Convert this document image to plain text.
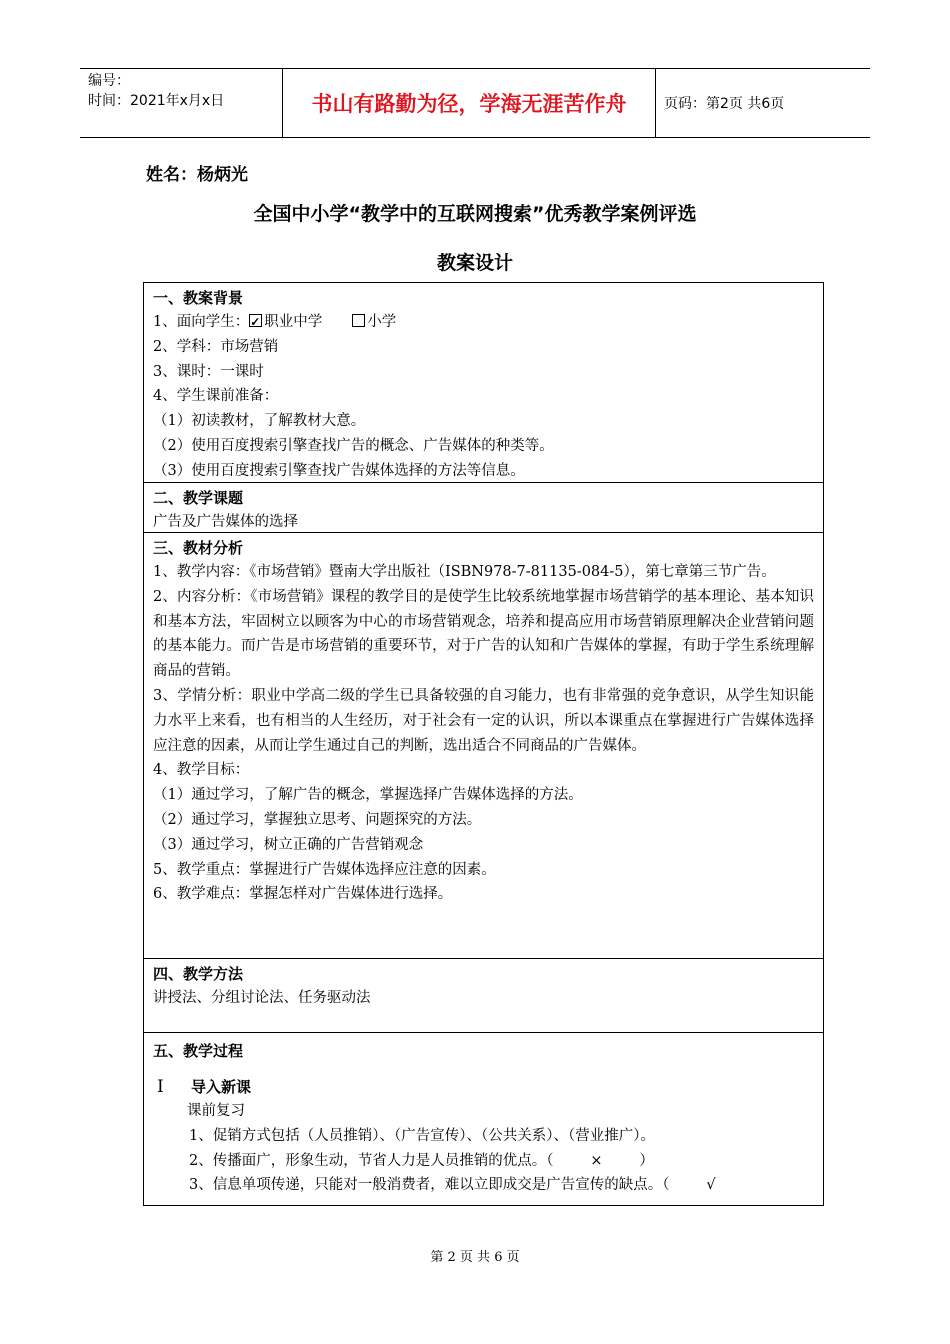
编号：
时间：2021年x月x日	书山有路勤为径，学海无涯苦作舟	页码：第2页 共6页
姓名：杨炳光
全国中小学“教学中的互联网搜索”优秀教学案例评选
教案设计
一、教案背景
1、面向学生：✓ 职业中学	小学
2、学科：市场营销
3、课时：一课时
4、学生课前准备：
（1）初读教材，了解教材大意。
（2）使用百度搜索引擎查找广告的概念、广告媒体的种类等。
（3）使用百度搜索引擎查找广告媒体选择的方法等信息。
二、教学课题
广告及广告媒体的选择
三、教材分析
1、教学内容：《市场营销》暨南大学出版社（ISBN978-7-81135-084-5），第七章第三节广告。
2、内容分析：《市场营销》课程的教学目的是使学生比较系统地掌握市场营销学的基本理论、基本知识和基本方法，牢固树立以顾客为中心的市场营销观念，培养和提高应用市场营销原理解决企业营销问题的基本能力。而广告是市场营销的重要环节，对于广告的认知和广告媒体的掌握，有助于学生系统理解商品的营销。
3、学情分析：职业中学高二级的学生已具备较强的自习能力，也有非常强的竞争意识，从学生知识能力水平上来看，也有相当的人生经历，对于社会有一定的认识，所以本课重点在掌握进行广告媒体选择应注意的因素，从而让学生通过自己的判断，选出适合不同商品的广告媒体。
4、教学目标：
（1）通过学习，了解广告的概念，掌握选择广告媒体选择的方法。
（2）通过学习，掌握独立思考、问题探究的方法。
（3）通过学习，树立正确的广告营销观念
5、教学重点：掌握进行广告媒体选择应注意的因素。
6、教学难点：掌握怎样对广告媒体进行选择。
四、教学方法
讲授法、分组讨论法、任务驱动法
五、教学过程
Ⅰ	导入新课
课前复习
1、促销方式包括（人员推销）、（广告宣传）、（公共关系）、（营业推广）。
2、传播面广，形象生动，节省人力是人员推销的优点。（        ×        ）
3、信息单项传递，只能对一般消费者，难以立即成交是广告宣传的缺点。（        √
第 2 页 共 6 页
